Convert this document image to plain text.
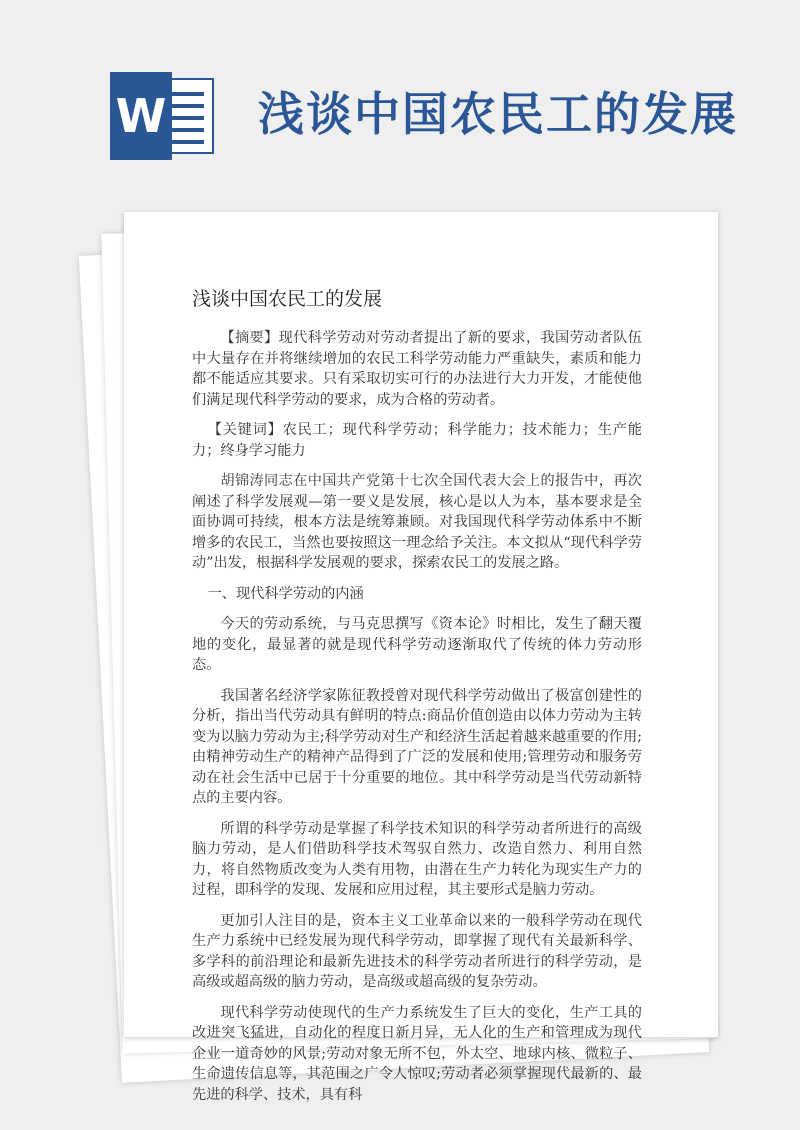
W 浅谈中国农民工的发展
浅谈中国农民工的发展

【摘要】现代科学劳动对劳动者提出了新的要求，我国劳动者队伍中大量存在并将继续增加的农民工科学劳动能力严重缺失，素质和能力都不能适应其要求。只有采取切实可行的办法进行大力开发，才能使他们满足现代科学劳动的要求，成为合格的劳动者。

【关键词】农民工；现代科学劳动；科学能力；技术能力；生产能力；终身学习能力

胡锦涛同志在中国共产党第十七次全国代表大会上的报告中，再次阐述了科学发展观—第一要义是发展，核心是以人为本，基本要求是全面协调可持续，根本方法是统筹兼顾。对我国现代科学劳动体系中不断增多的农民工，当然也要按照这一理念给予关注。本文拟从“现代科学劳动”出发，根据科学发展观的要求，探索农民工的发展之路。

一、现代科学劳动的内涵

今天的劳动系统，与马克思撰写《资本论》时相比，发生了翻天覆地的变化，最显著的就是现代科学劳动逐渐取代了传统的体力劳动形态。

我国著名经济学家陈征教授曾对现代科学劳动做出了极富创建性的分析，指出当代劳动具有鲜明的特点:商品价值创造由以体力劳动为主转变为以脑力劳动为主;科学劳动对生产和经济生活起着越来越重要的作用;由精神劳动生产的精神产品得到了广泛的发展和使用;管理劳动和服务劳动在社会生活中已居于十分重要的地位。其中科学劳动是当代劳动新特点的主要内容。

所谓的科学劳动是掌握了科学技术知识的科学劳动者所进行的高级脑力劳动，是人们借助科学技术驾驭自然力、改造自然力、利用自然力，将自然物质改变为人类有用物，由潜在生产力转化为现实生产力的过程，即科学的发现、发展和应用过程，其主要形式是脑力劳动。

更加引人注目的是，资本主义工业革命以来的一般科学劳动在现代生产力系统中已经发展为现代科学劳动，即掌握了现代有关最新科学、多学科的前沿理论和最新先进技术的科学劳动者所进行的科学劳动，是高级或超高级的脑力劳动，是高级或超高级的复杂劳动。

现代科学劳动使现代的生产力系统发生了巨大的变化，生产工具的改进突飞猛进，自动化的程度日新月异，无人化的生产和管理成为现代企业一道奇妙的风景;劳动对象无所不包，外太空、地球内核、微粒子、生命遗传信息等，其范围之广令人惊叹;劳动者必须掌握现代最新的、最先进的科学、技术，具有科
